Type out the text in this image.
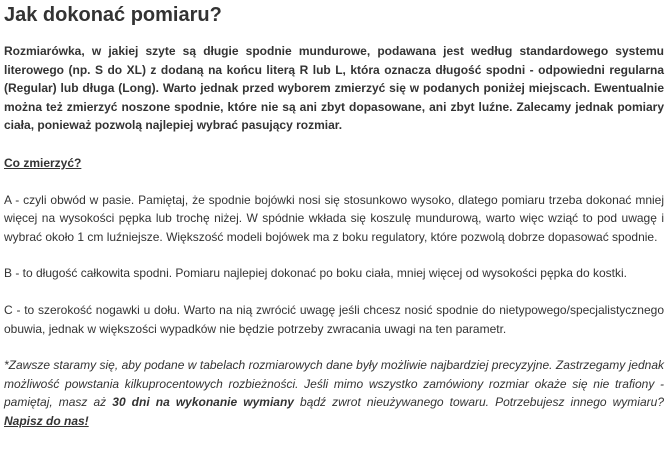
Jak dokonać pomiaru?

Rozmiarówka, w jakiej szyte są długie spodnie mundurowe, podawana jest według standardowego systemu literowego (np. S do XL) z dodaną na końcu literą R lub L, która oznacza długość spodni - odpowiedni regularna (Regular) lub długa (Long). Warto jednak przed wyborem zmierzyć się w podanych poniżej miejscach. Ewentualnie można też zmierzyć noszone spodnie, które nie są ani zbyt dopasowane, ani zbyt luźne. Zalecamy jednak pomiary ciała, ponieważ pozwolą najlepiej wybrać pasujący rozmiar.

Co zmierzyć?

A - czyli obwód w pasie. Pamiętaj, że spodnie bojówki nosi się stosunkowo wysoko, dlatego pomiaru trzeba dokonać mniej więcej na wysokości pępka lub trochę niżej. W spódnie wkłada się koszulę mundurową, warto więc wziąć to pod uwagę i wybrać około 1 cm luźniejsze. Większość modeli bojówek ma z boku regulatory, które pozwolą dobrze dopasować spodnie.

B - to długość całkowita spodni. Pomiaru najlepiej dokonać po boku ciała, mniej więcej od wysokości pępka do kostki.

C - to szerokość nogawki u dołu. Warto na nią zwrócić uwagę jeśli chcesz nosić spodnie do nietypowego/specjalistycznego obuwia, jednak w większości wypadków nie będzie potrzeby zwracania uwagi na ten parametr.

*Zawsze staramy się, aby podane w tabelach rozmiarowych dane były możliwie najbardziej precyzyjne. Zastrzegamy jednak możliwość powstania kilkuprocentowych rozbieżności. Jeśli mimo wszystko zamówiony rozmiar okaże się nie trafiony - pamiętaj, masz aż 30 dni na wykonanie wymiany bądź zwrot nieużywanego towaru. Potrzebujesz innego wymiaru? Napisz do nas!
